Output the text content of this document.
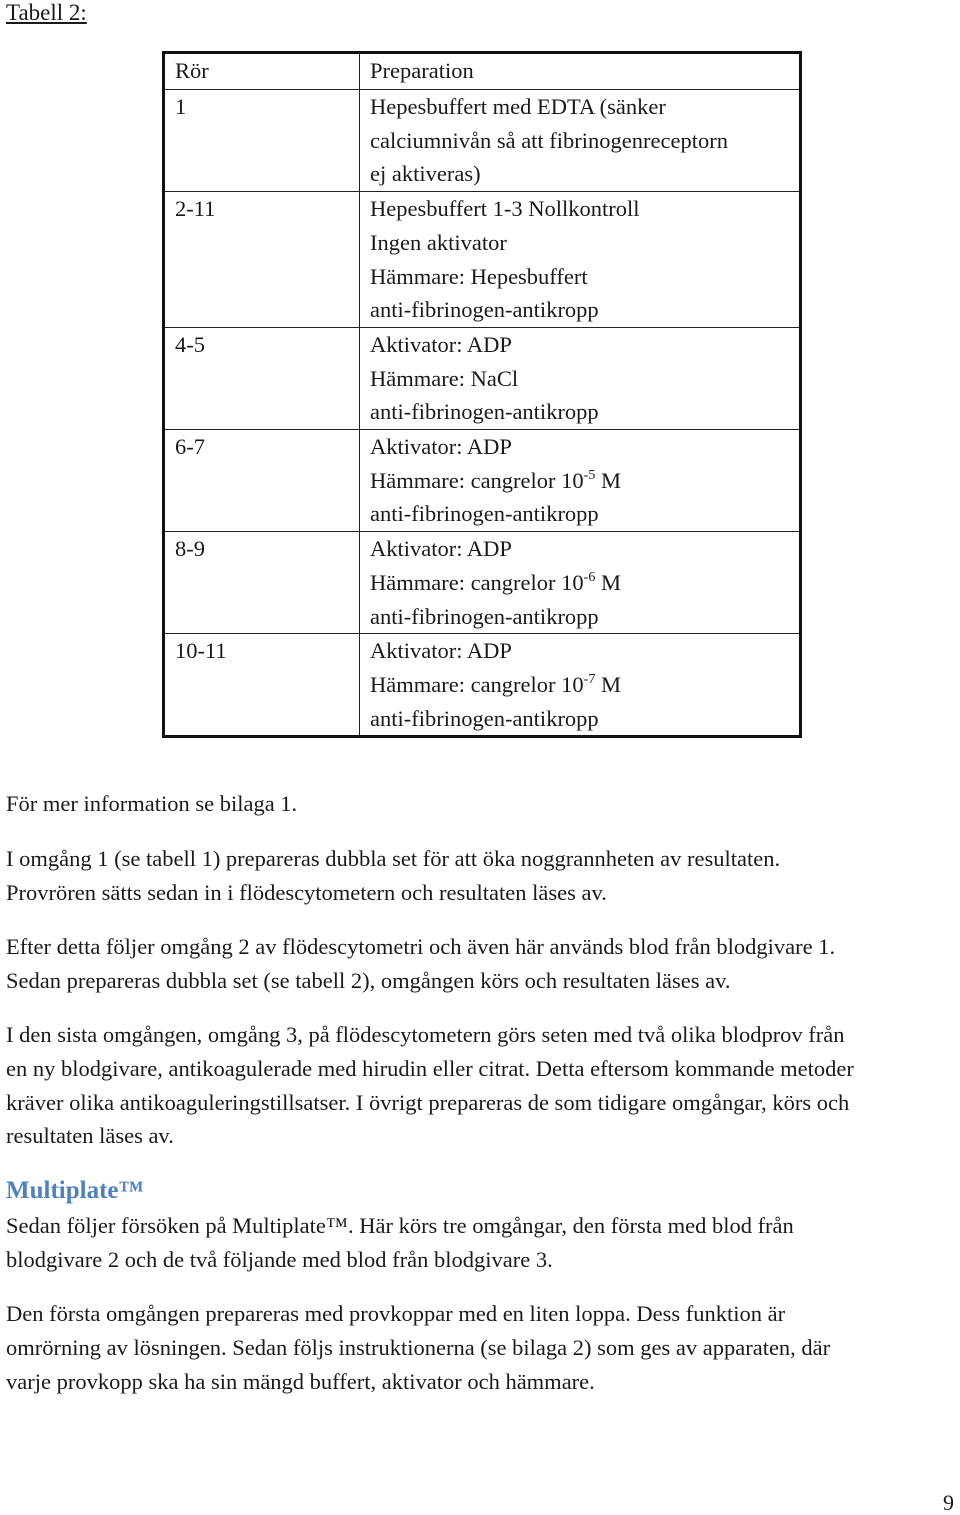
Tabell 2:
Rör	Preparation
1	Hepesbuffert med EDTA (sänker
calciumnivån så att fibrinogenreceptorn
ej aktiveras)

2-11	Hepesbuffert 1-3 Nollkontroll
Ingen aktivator
Hämmare: Hepesbuffert
anti-fibrinogen-antikropp

4-5	Aktivator: ADP
Hämmare: NaCl
anti-fibrinogen-antikropp

6-7	Aktivator: ADP
Hämmare: cangrelor $10^{-5}$ M
anti-fibrinogen-antikropp

8-9	Aktivator: ADP
Hämmare: cangrelor $10^{-6}$ M
anti-fibrinogen-antikropp

10-11	Aktivator: ADP
Hämmare: cangrelor $10^{-7}$ M
anti-fibrinogen-antikropp

För mer information se bilaga 1.

I omgång 1 (se tabell 1) prepareras dubbla set för att öka noggrannheten av resultaten.

Provrören sätts sedan in i flödescytometern och resultaten läses av.

Efter detta följer omgång 2 av flödescytometri och även här används blod från blodgivare 1.

Sedan prepareras dubbla set (se tabell 2), omgången körs och resultaten läses av.

I den sista omgången, omgång 3, på flödescytometern görs seten med två olika blodprov från

en ny blodgivare, antikoagulerade med hirudin eller citrat. Detta eftersom kommande metoder

kräver olika antikoaguleringstillsatser. I övrigt prepareras de som tidigare omgångar, körs och

resultaten läses av.

Multiplate™

Sedan följer försöken på Multiplate™. Här körs tre omgångar, den första med blod från

blodgivare 2 och de två följande med blod från blodgivare 3.

Den första omgången prepareras med provkoppar med en liten loppa. Dess funktion är

omrörning av lösningen. Sedan följs instruktionerna (se bilaga 2) som ges av apparaten, där

varje provkopp ska ha sin mängd buffert, aktivator och hämmare.

9
